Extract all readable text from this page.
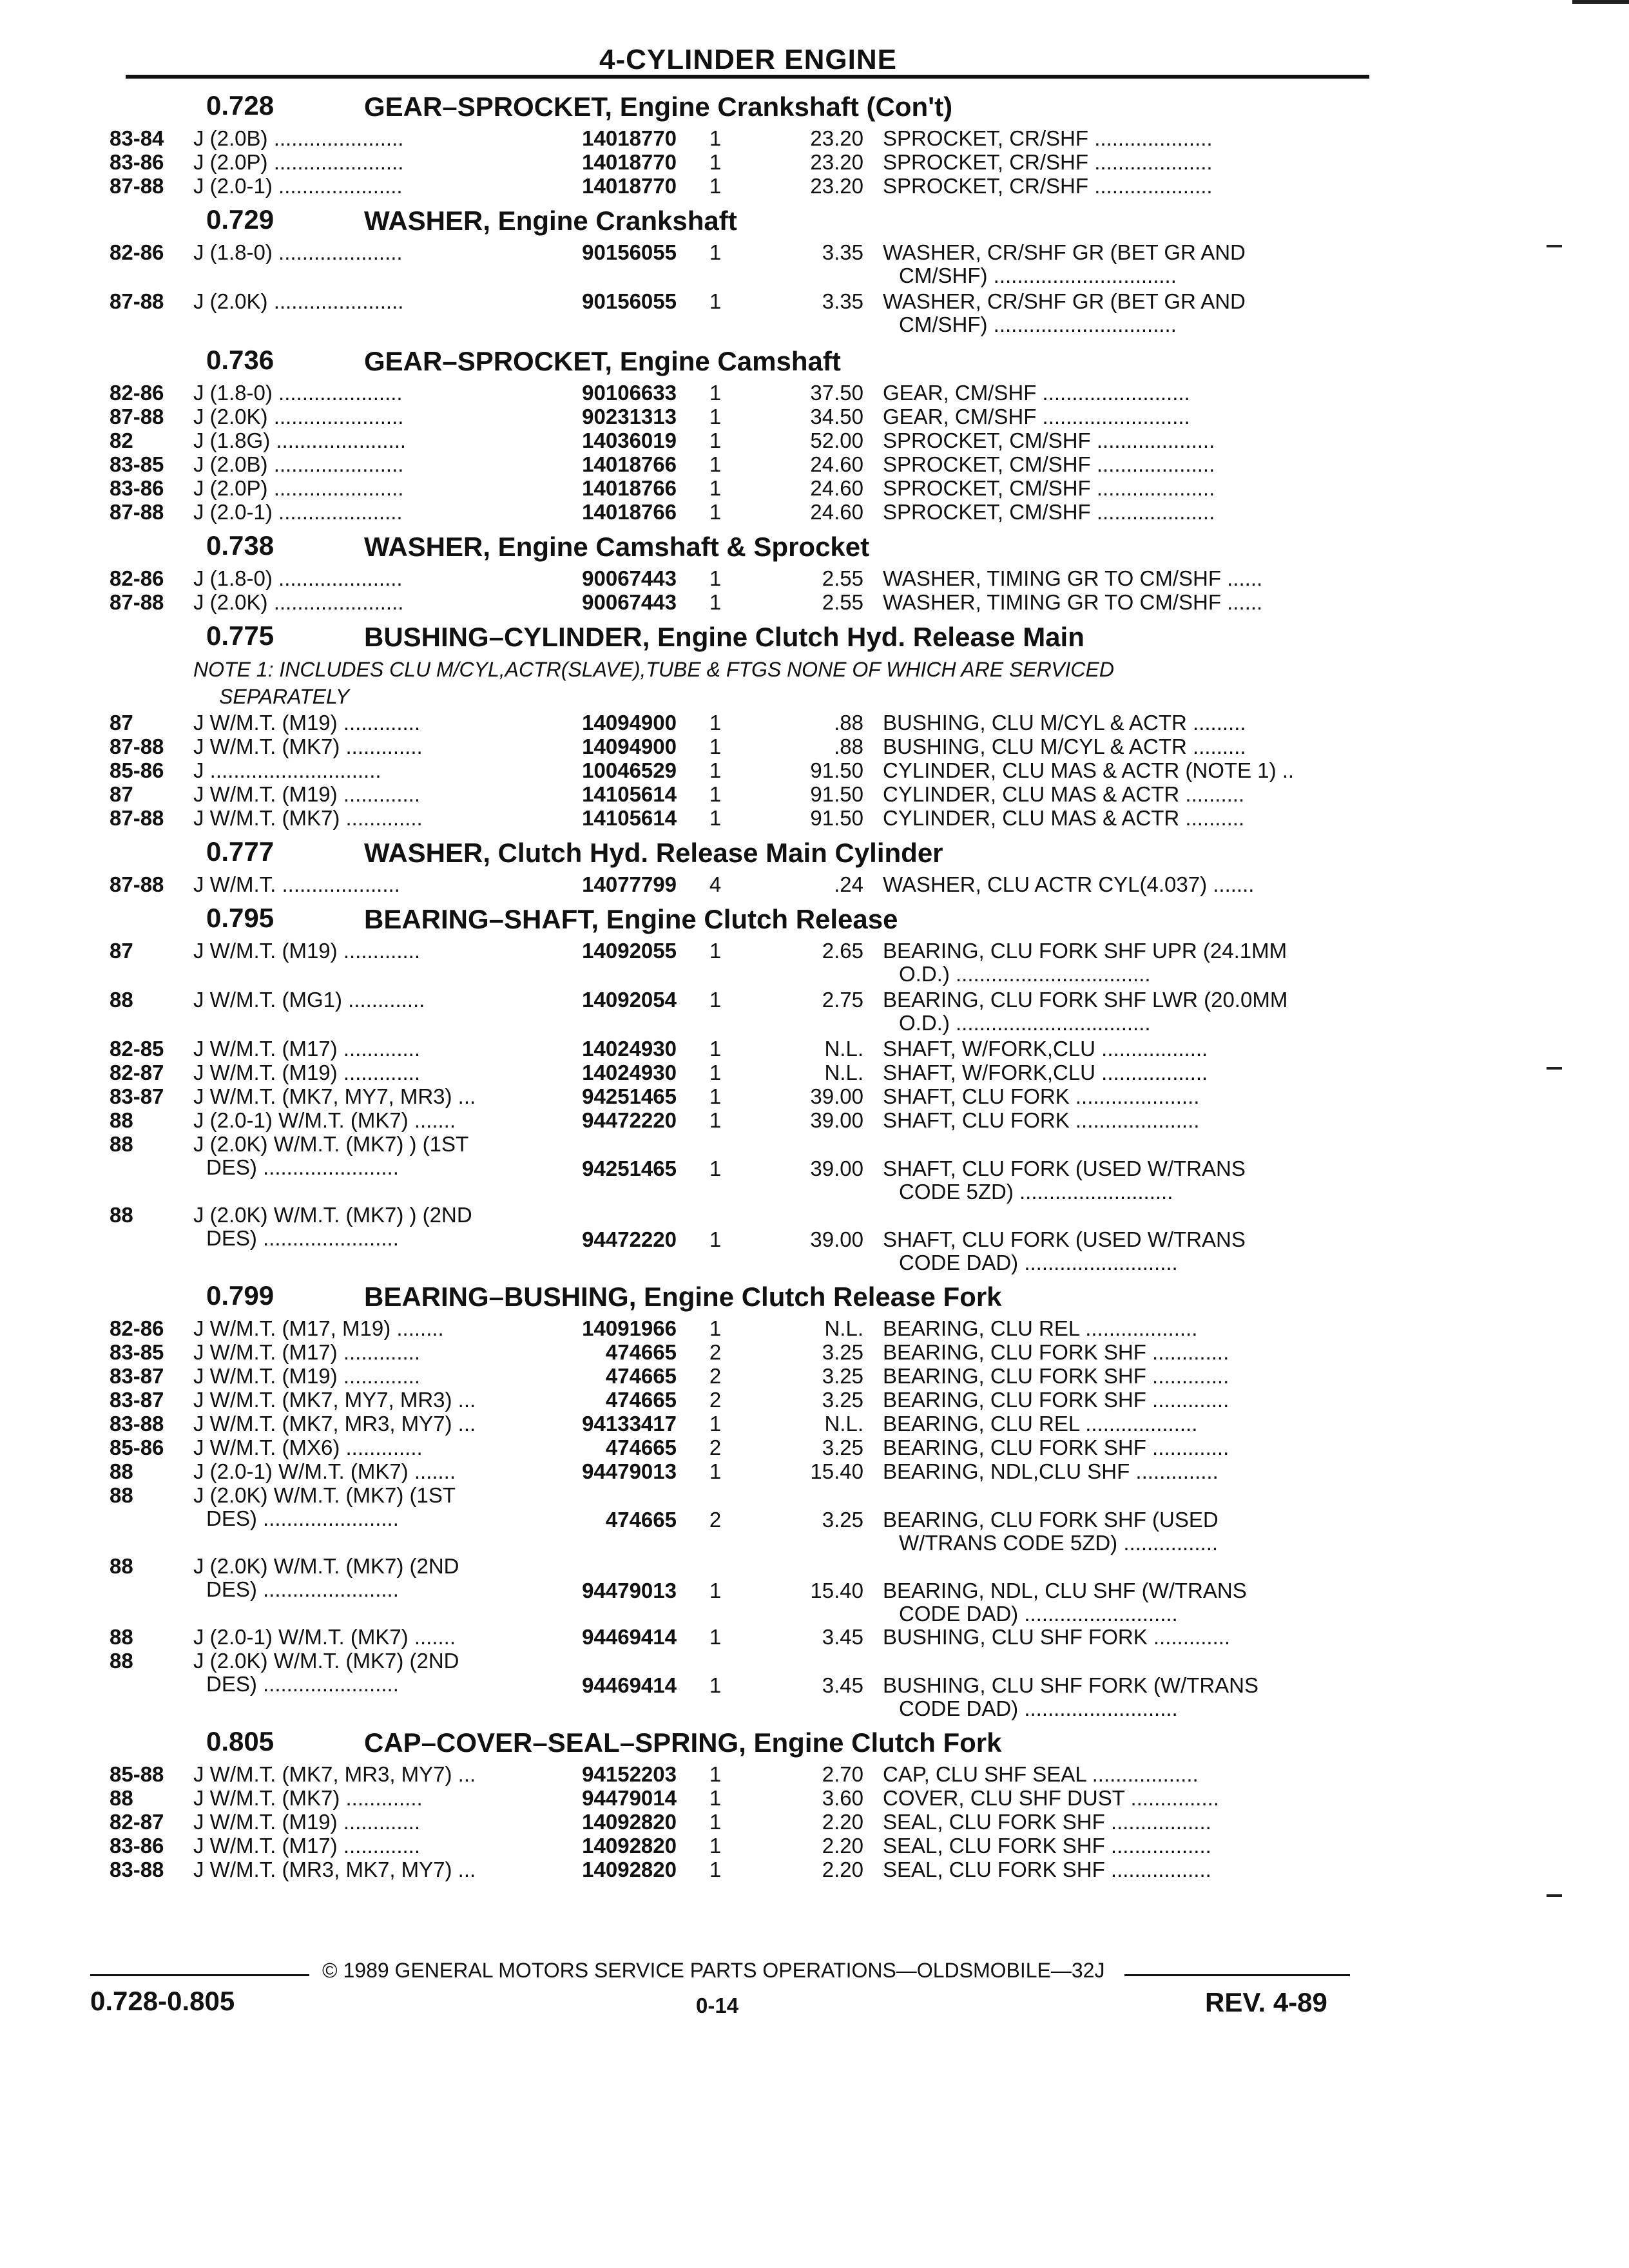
4-CYLINDER ENGINE
0.728	GEAR–SPROCKET, Engine Crankshaft (Con't)
83-84	J (2.0B) ......................	14018770	1	23.20 SPROCKET, CR/SHF ....................
83-86	J (2.0P) ......................	14018770	1	23.20 SPROCKET, CR/SHF ....................
87-88	J (2.0-1) .....................	14018770	1	23.20 SPROCKET, CR/SHF ....................
0.729	WASHER, Engine Crankshaft
82-86	J (1.8-0) .....................	90156055	1	3.35 WASHER, CR/SHF GR (BET GR AND
CM/SHF) ...............................
87-88	J (2.0K) ......................	90156055	1	3.35 WASHER, CR/SHF GR (BET GR AND
CM/SHF) ...............................
0.736	GEAR–SPROCKET, Engine Camshaft
82-86	J (1.8-0) .....................	90106633	1	37.50 GEAR, CM/SHF .........................
87-88	J (2.0K) ......................	90231313	1	34.50 GEAR, CM/SHF .........................
82	J (1.8G) ......................	14036019	1	52.00 SPROCKET, CM/SHF ....................
83-85	J (2.0B) ......................	14018766	1	24.60 SPROCKET, CM/SHF ....................
83-86	J (2.0P) ......................	14018766	1	24.60 SPROCKET, CM/SHF ....................
87-88	J (2.0-1) .....................	14018766	1	24.60 SPROCKET, CM/SHF ....................
0.738	WASHER, Engine Camshaft & Sprocket
82-86	J (1.8-0) .....................	90067443	1	2.55 WASHER, TIMING GR TO CM/SHF ......
87-88	J (2.0K) ......................	90067443	1	2.55 WASHER, TIMING GR TO CM/SHF ......
0.775	BUSHING–CYLINDER, Engine Clutch Hyd. Release Main
NOTE 1: INCLUDES CLU M/CYL,ACTR(SLAVE),TUBE & FTGS NONE OF WHICH ARE SERVICED
SEPARATELY
87	J W/M.T. (M19) .............	14094900	1	.88 BUSHING, CLU M/CYL & ACTR .........
87-88	J W/M.T. (MK7) .............	14094900	1	.88 BUSHING, CLU M/CYL & ACTR .........
85-86	J .............................	10046529	1	91.50 CYLINDER, CLU MAS & ACTR (NOTE 1) ..
87	J W/M.T. (M19) .............	14105614	1	91.50 CYLINDER, CLU MAS & ACTR ..........
87-88	J W/M.T. (MK7) .............	14105614	1	91.50 CYLINDER, CLU MAS & ACTR ..........
0.777	WASHER, Clutch Hyd. Release Main Cylinder
87-88	J W/M.T. ....................	14077799	4	.24 WASHER, CLU ACTR CYL(4.037) .......
0.795	BEARING–SHAFT, Engine Clutch Release
87	J W/M.T. (M19) .............	14092055	1	2.65 BEARING, CLU FORK SHF UPR (24.1MM
O.D.) .................................
88	J W/M.T. (MG1) .............	14092054	1	2.75 BEARING, CLU FORK SHF LWR (20.0MM
O.D.) .................................
82-85	J W/M.T. (M17) .............	14024930	1	N.L. SHAFT, W/FORK,CLU ..................
82-87	J W/M.T. (M19) .............	14024930	1	N.L. SHAFT, W/FORK,CLU ..................
83-87	J W/M.T. (MK7, MY7, MR3) ...	94251465	1	39.00 SHAFT, CLU FORK .....................
88	J (2.0-1) W/M.T. (MK7) .......	94472220	1	39.00 SHAFT, CLU FORK .....................
88	J (2.0K) W/M.T. (MK7) ) (1ST
DES) .......................	94251465	1	39.00 SHAFT, CLU FORK (USED W/TRANS
CODE 5ZD) ..........................
88	J (2.0K) W/M.T. (MK7) ) (2ND
DES) .......................	94472220	1	39.00 SHAFT, CLU FORK (USED W/TRANS
CODE DAD) ..........................
0.799	BEARING–BUSHING, Engine Clutch Release Fork
82-86	J W/M.T. (M17, M19) ........	14091966	1	N.L. BEARING, CLU REL ...................
83-85	J W/M.T. (M17) .............	474665	2	3.25 BEARING, CLU FORK SHF .............
83-87	J W/M.T. (M19) .............	474665	2	3.25 BEARING, CLU FORK SHF .............
83-87	J W/M.T. (MK7, MY7, MR3) ...	474665	2	3.25 BEARING, CLU FORK SHF .............
83-88	J W/M.T. (MK7, MR3, MY7) ...	94133417	1	N.L. BEARING, CLU REL ...................
85-86	J W/M.T. (MX6) .............	474665	2	3.25 BEARING, CLU FORK SHF .............
88	J (2.0-1) W/M.T. (MK7) .......	94479013	1	15.40 BEARING, NDL,CLU SHF ..............
88	J (2.0K) W/M.T. (MK7) (1ST
DES) .......................	474665	2	3.25 BEARING, CLU FORK SHF (USED
W/TRANS CODE 5ZD) ................
88	J (2.0K) W/M.T. (MK7) (2ND
DES) .......................	94479013	1	15.40 BEARING, NDL, CLU SHF (W/TRANS
CODE DAD) ..........................
88	J (2.0-1) W/M.T. (MK7) .......	94469414	1	3.45 BUSHING, CLU SHF FORK .............
88	J (2.0K) W/M.T. (MK7) (2ND
DES) .......................	94469414	1	3.45 BUSHING, CLU SHF FORK (W/TRANS
CODE DAD) ..........................
0.805	CAP–COVER–SEAL–SPRING, Engine Clutch Fork
85-88	J W/M.T. (MK7, MR3, MY7) ...	94152203	1	2.70 CAP, CLU SHF SEAL ..................
88	J W/M.T. (MK7) .............	94479014	1	3.60 COVER, CLU SHF DUST ...............
82-87	J W/M.T. (M19) .............	14092820	1	2.20 SEAL, CLU FORK SHF .................
83-86	J W/M.T. (M17) .............	14092820	1	2.20 SEAL, CLU FORK SHF .................
83-88	J W/M.T. (MR3, MK7, MY7) ...	14092820	1	2.20 SEAL, CLU FORK SHF .................
© 1989 GENERAL MOTORS SERVICE PARTS OPERATIONS—OLDSMOBILE—32J
0.728-0.805	0-14	REV. 4-89
